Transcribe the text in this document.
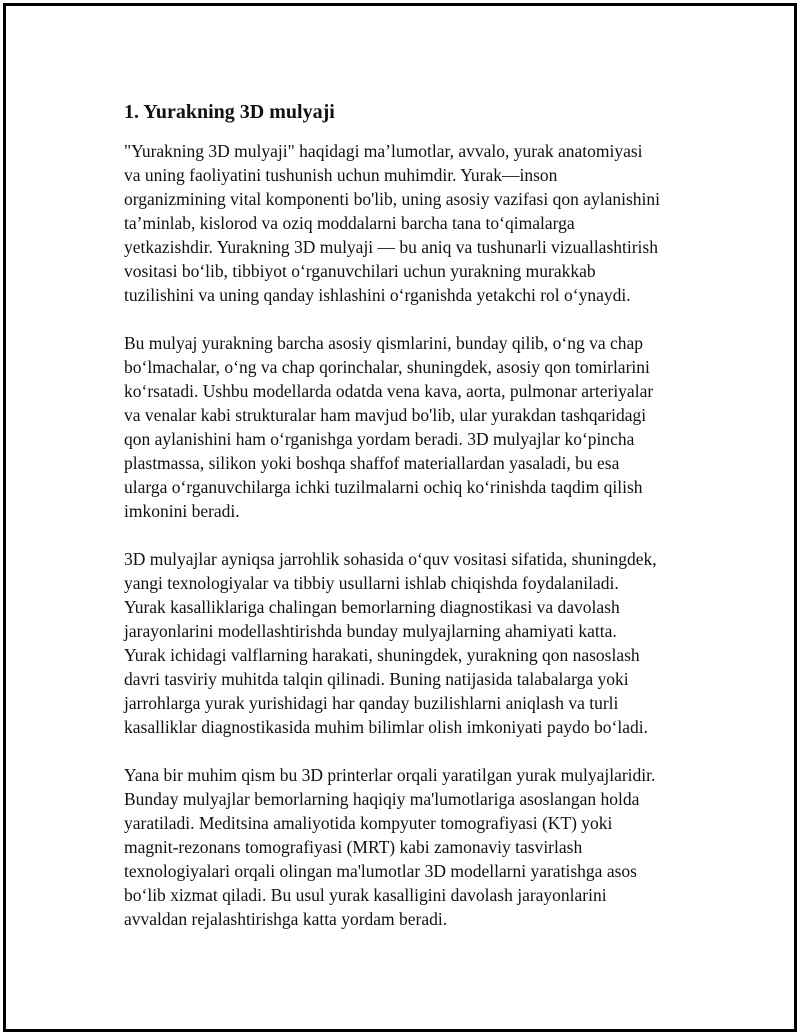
1. Yurakning 3D mulyaji

"Yurakning 3D mulyaji" haqidagi ma’lumotlar, avvalo, yurak anatomiyasi
va uning faoliyatini tushunish uchun muhimdir. Yurak—inson
organizmining vital komponenti bo'lib, uning asosiy vazifasi qon aylanishini
ta’minlab, kislorod va oziq moddalarni barcha tana to‘qimalarga
yetkazishdir. Yurakning 3D mulyaji — bu aniq va tushunarli vizuallashtirish
vositasi bo‘lib, tibbiyot o‘rganuvchilari uchun yurakning murakkab
tuzilishini va uning qanday ishlashini o‘rganishda yetakchi rol o‘ynaydi.

Bu mulyaj yurakning barcha asosiy qismlarini, bunday qilib, o‘ng va chap
bo‘lmachalar, o‘ng va chap qorinchalar, shuningdek, asosiy qon tomirlarini
ko‘rsatadi. Ushbu modellarda odatda vena kava, aorta, pulmonar arteriyalar
va venalar kabi strukturalar ham mavjud bo'lib, ular yurakdan tashqaridagi
qon aylanishini ham o‘rganishga yordam beradi. 3D mulyajlar ko‘pincha
plastmassa, silikon yoki boshqa shaffof materiallardan yasaladi, bu esa
ularga o‘rganuvchilarga ichki tuzilmalarni ochiq ko‘rinishda taqdim qilish
imkonini beradi.

3D mulyajlar ayniqsa jarrohlik sohasida o‘quv vositasi sifatida, shuningdek,
yangi texnologiyalar va tibbiy usullarni ishlab chiqishda foydalaniladi.
Yurak kasalliklariga chalingan bemorlarning diagnostikasi va davolash
jarayonlarini modellashtirishda bunday mulyajlarning ahamiyati katta.
Yurak ichidagi valflarning harakati, shuningdek, yurakning qon nasoslash
davri tasviriy muhitda talqin qilinadi. Buning natijasida talabalarga yoki
jarrohlarga yurak yurishidagi har qanday buzilishlarni aniqlash va turli
kasalliklar diagnostikasida muhim bilimlar olish imkoniyati paydo bo‘ladi.

Yana bir muhim qism bu 3D printerlar orqali yaratilgan yurak mulyajlaridir.
Bunday mulyajlar bemorlarning haqiqiy ma'lumotlariga asoslangan holda
yaratiladi. Meditsina amaliyotida kompyuter tomografiyasi (KT) yoki
magnit-rezonans tomografiyasi (MRT) kabi zamonaviy tasvirlash
texnologiyalari orqali olingan ma'lumotlar 3D modellarni yaratishga asos
bo‘lib xizmat qiladi. Bu usul yurak kasalligini davolash jarayonlarini
avvaldan rejalashtirishga katta yordam beradi.
